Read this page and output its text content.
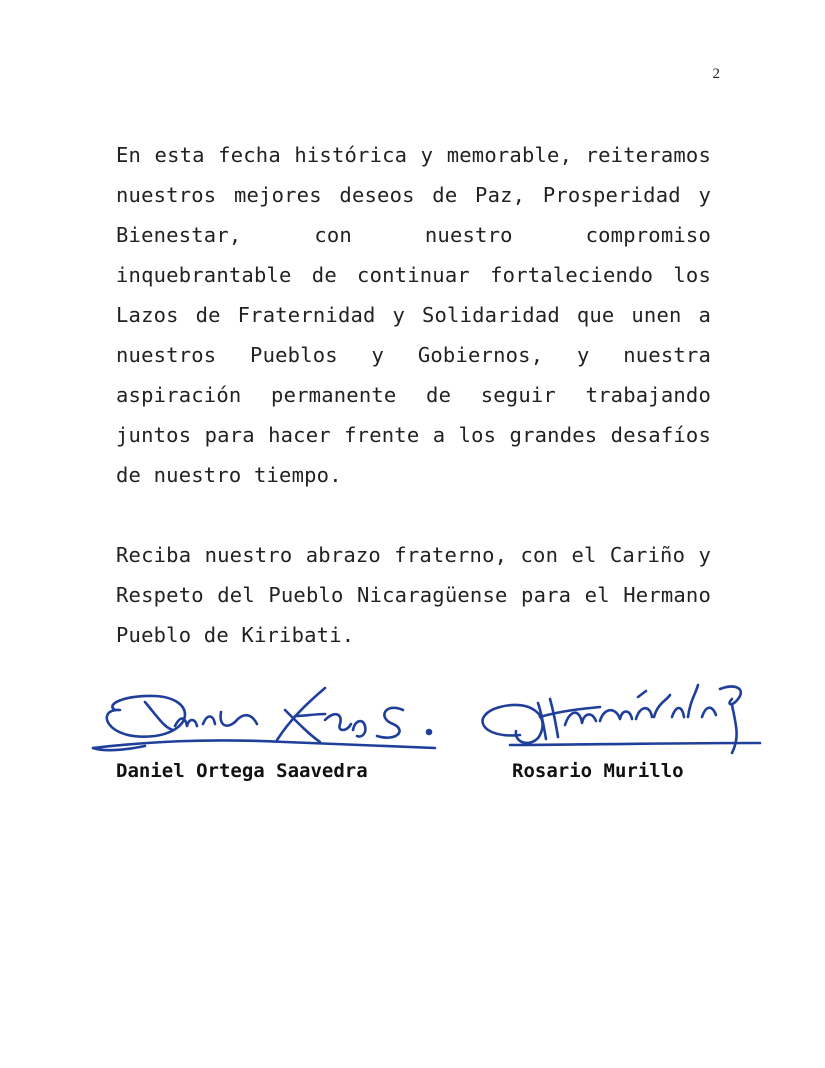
2

En esta fecha histórica y memorable, reiteramos nuestros mejores deseos de Paz, Prosperidad y Bienestar, con nuestro compromiso inquebrantable de continuar fortaleciendo los Lazos de Fraternidad y Solidaridad que unen a nuestros Pueblos y Gobiernos, y nuestra aspiración permanente de seguir trabajando juntos para hacer frente a los grandes desafíos de nuestro tiempo.

Reciba nuestro abrazo fraterno, con el Cariño y Respeto del Pueblo Nicaragüense para el Hermano Pueblo de Kiribati.

Daniel Ortega Saavedra	Rosario Murillo
